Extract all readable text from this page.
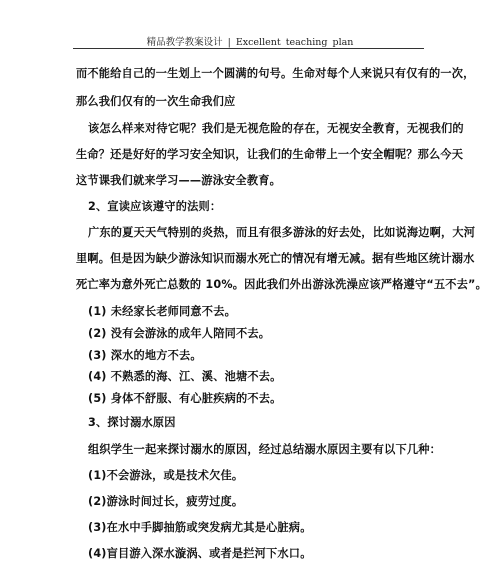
精品教学教案设计 | Excellent teaching plan
而不能给自己的一生划上一个圆满的句号。生命对每个人来说只有仅有的一次，
那么我们仅有的一次生命我们应
该怎么样来对待它呢？我们是无视危险的存在，无视安全教育，无视我们的
生命？还是好好的学习安全知识，让我们的生命带上一个安全帽呢？那么今天
这节课我们就来学习——游泳安全教育。
2、宣读应该遵守的法则：
广东的夏天天气特别的炎热，而且有很多游泳的好去处，比如说海边啊，大河
里啊。但是因为缺少游泳知识而溺水死亡的情况有增无减。据有些地区统计溺水
死亡率为意外死亡总数的 10%。因此我们外出游泳洗澡应该严格遵守“五不去”。
(1) 未经家长老师同意不去。
(2) 没有会游泳的成年人陪同不去。
(3) 深水的地方不去。
(4) 不熟悉的海、江、溪、池塘不去。
(5) 身体不舒服、有心脏疾病的不去。
3、探讨溺水原因
组织学生一起来探讨溺水的原因，经过总结溺水原因主要有以下几种：
(1)不会游泳，或是技术欠佳。
(2)游泳时间过长，疲劳过度。
(3)在水中手脚抽筋或突发病尤其是心脏病。
(4)盲目游入深水漩涡、或者是拦河下水口。
